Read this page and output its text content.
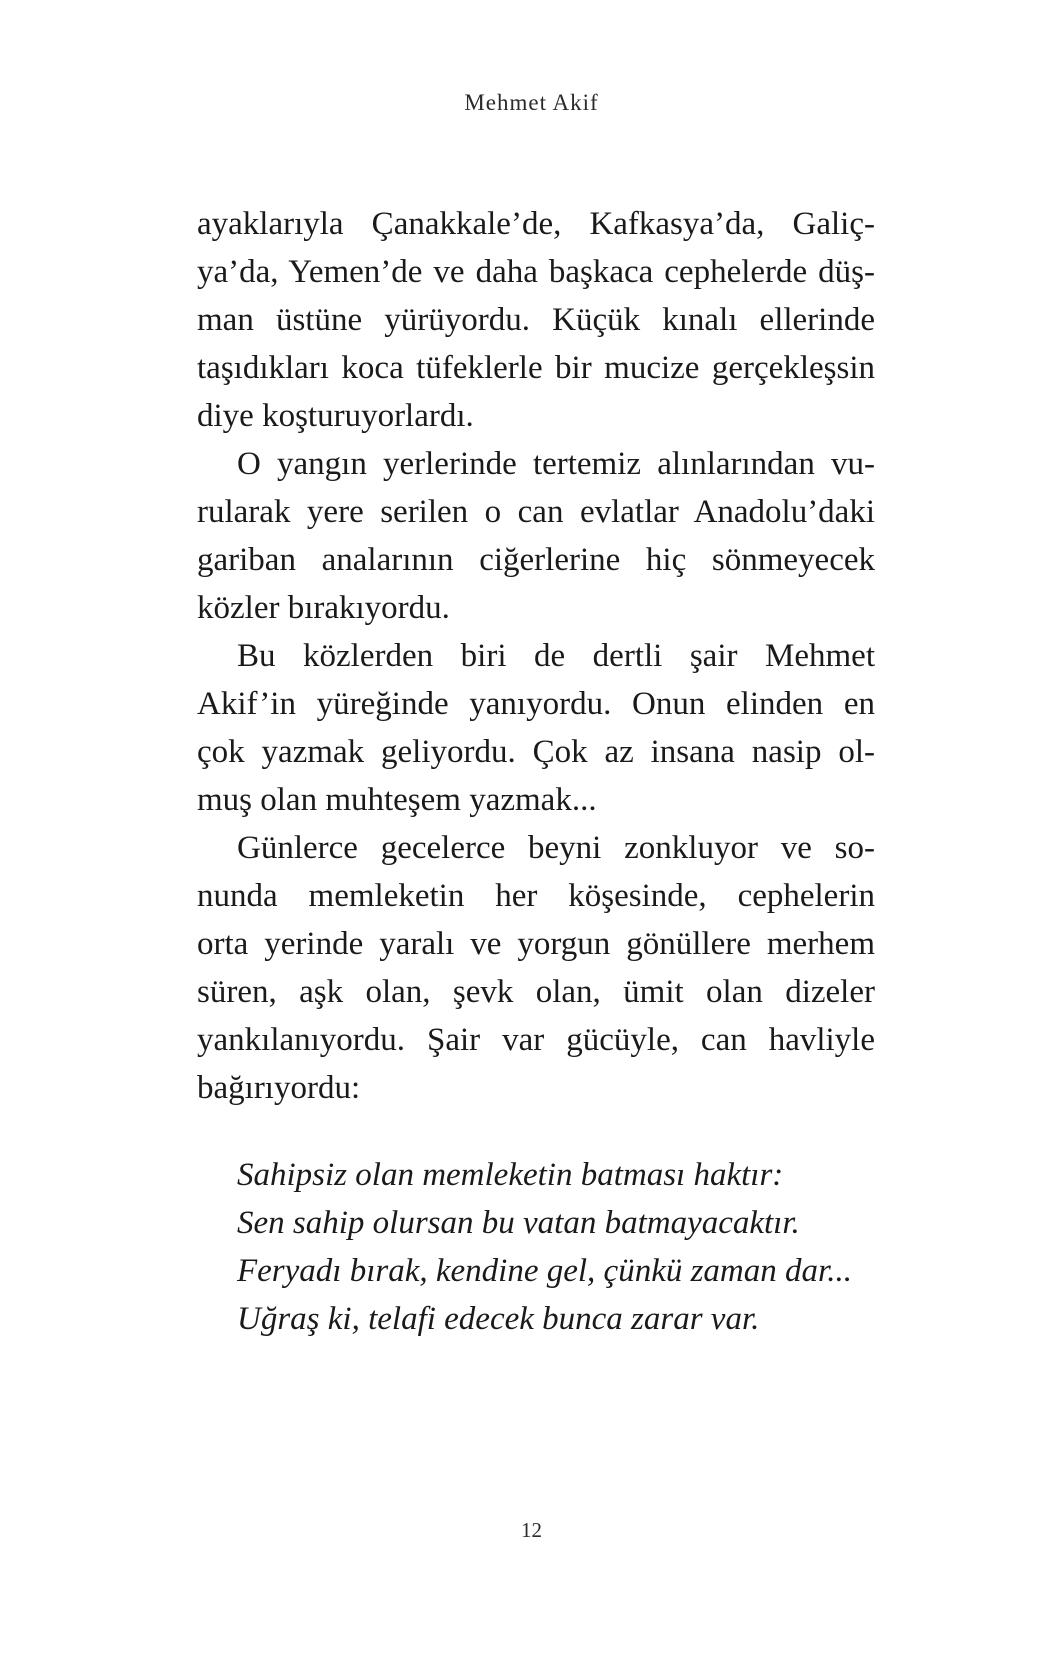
Mehmet Akif
ayaklarıyla Çanakkale’de, Kafkasya’da, Galiç-
ya’da, Yemen’de ve daha başkaca cephelerde düş-
man üstüne yürüyordu. Küçük kınalı ellerinde
taşıdıkları koca tüfeklerle bir mucize gerçekleşsin
diye koşturuyorlardı.
O yangın yerlerinde tertemiz alınlarından vu-
rularak yere serilen o can evlatlar Anadolu’daki
gariban analarının ciğerlerine hiç sönmeyecek
közler bırakıyordu.
Bu közlerden biri de dertli şair Mehmet
Akif’in yüreğinde yanıyordu. Onun elinden en
çok yazmak geliyordu. Çok az insana nasip ol-
muş olan muhteşem yazmak...
Günlerce gecelerce beyni zonkluyor ve so-
nunda memleketin her köşesinde, cephelerin
orta yerinde yaralı ve yorgun gönüllere merhem
süren, aşk olan, şevk olan, ümit olan dizeler
yankılanıyordu. Şair var gücüyle, can havliyle
bağırıyordu:
Sahipsiz olan memleketin batması haktır:
Sen sahip olursan bu vatan batmayacaktır.
Feryadı bırak, kendine gel, çünkü zaman dar...
Uğraş ki, telafi edecek bunca zarar var.
12
